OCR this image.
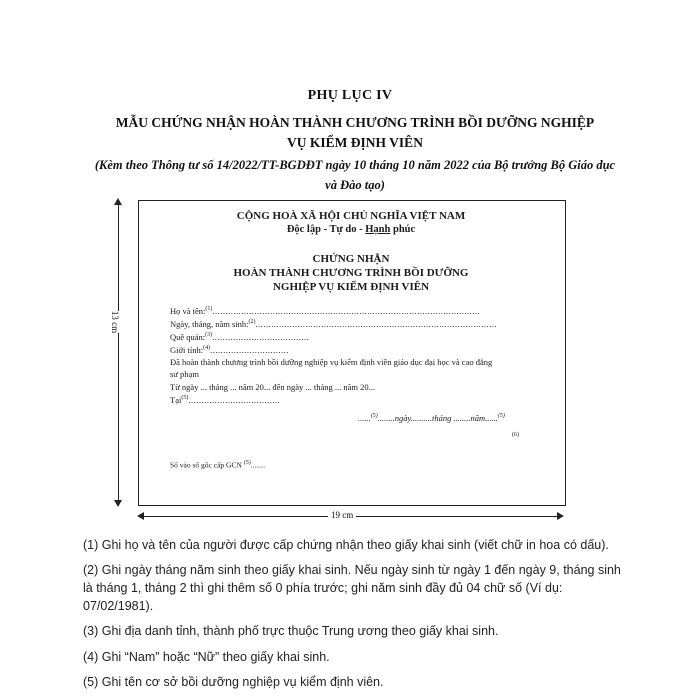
PHỤ LỤC IV
MẪU CHỨNG NHẬN HOÀN THÀNH CHƯƠNG TRÌNH BỒI DƯỠNG NGHIỆP VỤ KIỂM ĐỊNH VIÊN
(Kèm theo Thông tư số 14/2022/TT-BGDĐT ngày 10 tháng 10 năm 2022 của Bộ trưởng Bộ Giáo dục và Đào tạo)
13 cm
CỘNG HOÀ XÃ HỘI CHỦ NGHĨA VIỆT NAM
Độc lập - Tự do - Hạnh phúc
CHỨNG NHẬN
HOÀN THÀNH CHƯƠNG TRÌNH BỒI DƯỠNG
NGHIỆP VỤ KIỂM ĐỊNH VIÊN
Họ và tên:$^{(1)}$......................................................................................................
Ngày, tháng, năm sinh:$^{(2)}$............................................................................................
Quê quán:$^{(3)}$.....................................
Giới tính:$^{(4)}$..............................
Đã hoàn thành chương trình bồi dưỡng nghiệp vụ kiểm định viên giáo dục đại học và cao đẳng
sư phạm
Từ ngày ... tháng ... năm 20... đến ngày ... tháng ... năm 20...
Tại$^{(5)}$...................................
......$^{(5)}$........ngày..........tháng ........năm......$^{(5)}$
$^{(6)}$
Số vào sổ gốc cấp GCN $^{(5)}$........
19 cm
(1) Ghi họ và tên của người được cấp chứng nhận theo giấy khai sinh (viết chữ in hoa có dấu).
(2) Ghi ngày tháng năm sinh theo giấy khai sinh. Nếu ngày sinh từ ngày 1 đến ngày 9, tháng sinh là tháng 1, tháng 2 thì ghi thêm số 0 phía trước; ghi năm sinh đầy đủ 04 chữ số (Ví dụ: 07/02/1981).
(3) Ghi địa danh tỉnh, thành phố trực thuộc Trung ương theo giấy khai sinh.
(4) Ghi “Nam” hoặc “Nữ” theo giấy khai sinh.
(5) Ghi tên cơ sở bồi dưỡng nghiệp vụ kiểm định viên.
